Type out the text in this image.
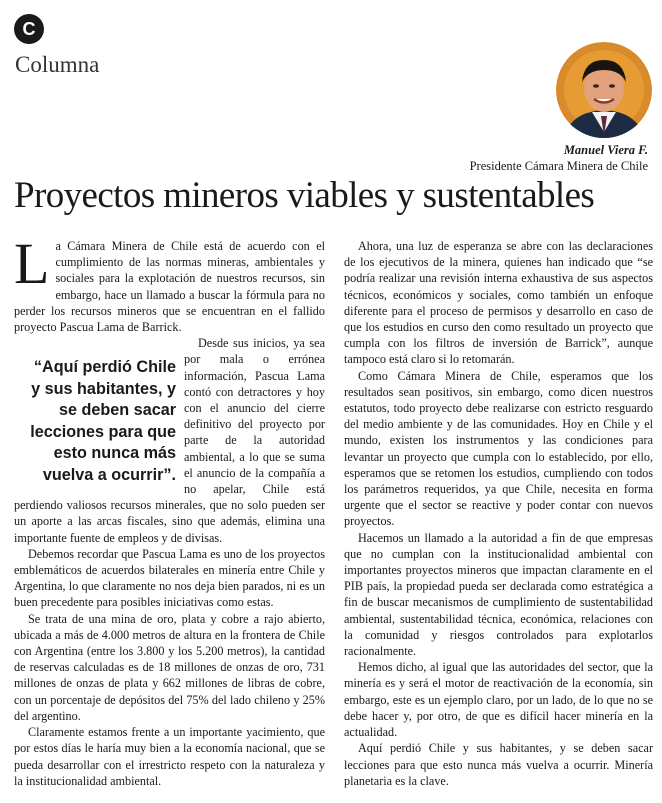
C
Columna
Manuel Viera F.
Presidente Cámara Minera de Chile
Proyectos mineros viables y sustentables

La Cámara Minera de Chile está de acuerdo con el cumplimiento de las normas mineras, ambientales y sociales para la explotación de nuestros recursos, sin embargo, hace un llamado a buscar la fórmula para no perder los recursos mineros que se encuentran en el fallido proyecto Pascua Lama de Barrick.

“Aquí perdió Chile y sus habitantes, y se deben sacar lecciones para que esto nunca más vuelva a ocurrir”.
Desde sus inicios, ya sea por mala o errónea información, Pascua Lama contó con detractores y hoy con el anuncio del cierre definitivo del proyecto por parte de la autoridad ambiental, a lo que se suma el anuncio de la compañía a no apelar, Chile está perdiendo valiosos recursos minerales, que no solo pueden ser un aporte a las arcas fiscales, sino que además, elimina una importante fuente de empleos y de divisas.

Debemos recordar que Pascua Lama es uno de los proyectos emblemáticos de acuerdos bilaterales en minería entre Chile y Argentina, lo que claramente no nos deja bien parados, ni es un buen precedente para posibles iniciativas como estas.

Se trata de una mina de oro, plata y cobre a rajo abierto, ubicada a más de 4.000 metros de altura en la frontera de Chile con Argentina (entre los 3.800 y los 5.200 metros), la cantidad de reservas calculadas es de 18 millones de onzas de oro, 731 millones de onzas de plata y 662 millones de libras de cobre, con un porcentaje de depósitos del 75% del lado chileno y 25% del argentino.

Claramente estamos frente a un importante yacimiento, que por estos días le haría muy bien a la economía nacional, que se pueda desarrollar con el irrestricto respeto con la naturaleza y la institucionalidad ambiental.

Ahora, una luz de esperanza se abre con las declaraciones de los ejecutivos de la minera, quienes han indicado que “se podría realizar una revisión interna exhaustiva de sus aspectos técnicos, económicos y sociales, como también un enfoque diferente para el proceso de permisos y desarrollo en caso de que los estudios en curso den como resultado un proyecto que cumpla con los filtros de inversión de Barrick”, aunque tampoco está claro si lo retomarán.

Como Cámara Minera de Chile, esperamos que los resultados sean positivos, sin embargo, como dicen nuestros estatutos, todo proyecto debe realizarse con estricto resguardo del medio ambiente y de las comunidades. Hoy en Chile y el mundo, existen los instrumentos y las condiciones para levantar un proyecto que cumpla con lo establecido, por ello, esperamos que se retomen los estudios, cumpliendo con todos los parámetros requeridos, ya que Chile, necesita en forma urgente que el sector se reactive y poder contar con nuevos proyectos.

Hacemos un llamado a la autoridad a fin de que empresas que no cumplan con la institucionalidad ambiental con importantes proyectos mineros que impactan claramente en el PIB país, la propiedad pueda ser declarada como estratégica a fin de buscar mecanismos de cumplimiento de sustentabilidad ambiental, sustentabilidad técnica, económica, relaciones con la comunidad y riesgos controlados para explotarlos racionalmente.

Hemos dicho, al igual que las autoridades del sector, que la minería es y será el motor de reactivación de la economía, sin embargo, este es un ejemplo claro, por un lado, de lo que no se debe hacer y, por otro, de que es difícil hacer minería en la actualidad.

Aquí perdió Chile y sus habitantes, y se deben sacar lecciones para que esto nunca más vuelva a ocurrir. Minería planetaria es la clave.
